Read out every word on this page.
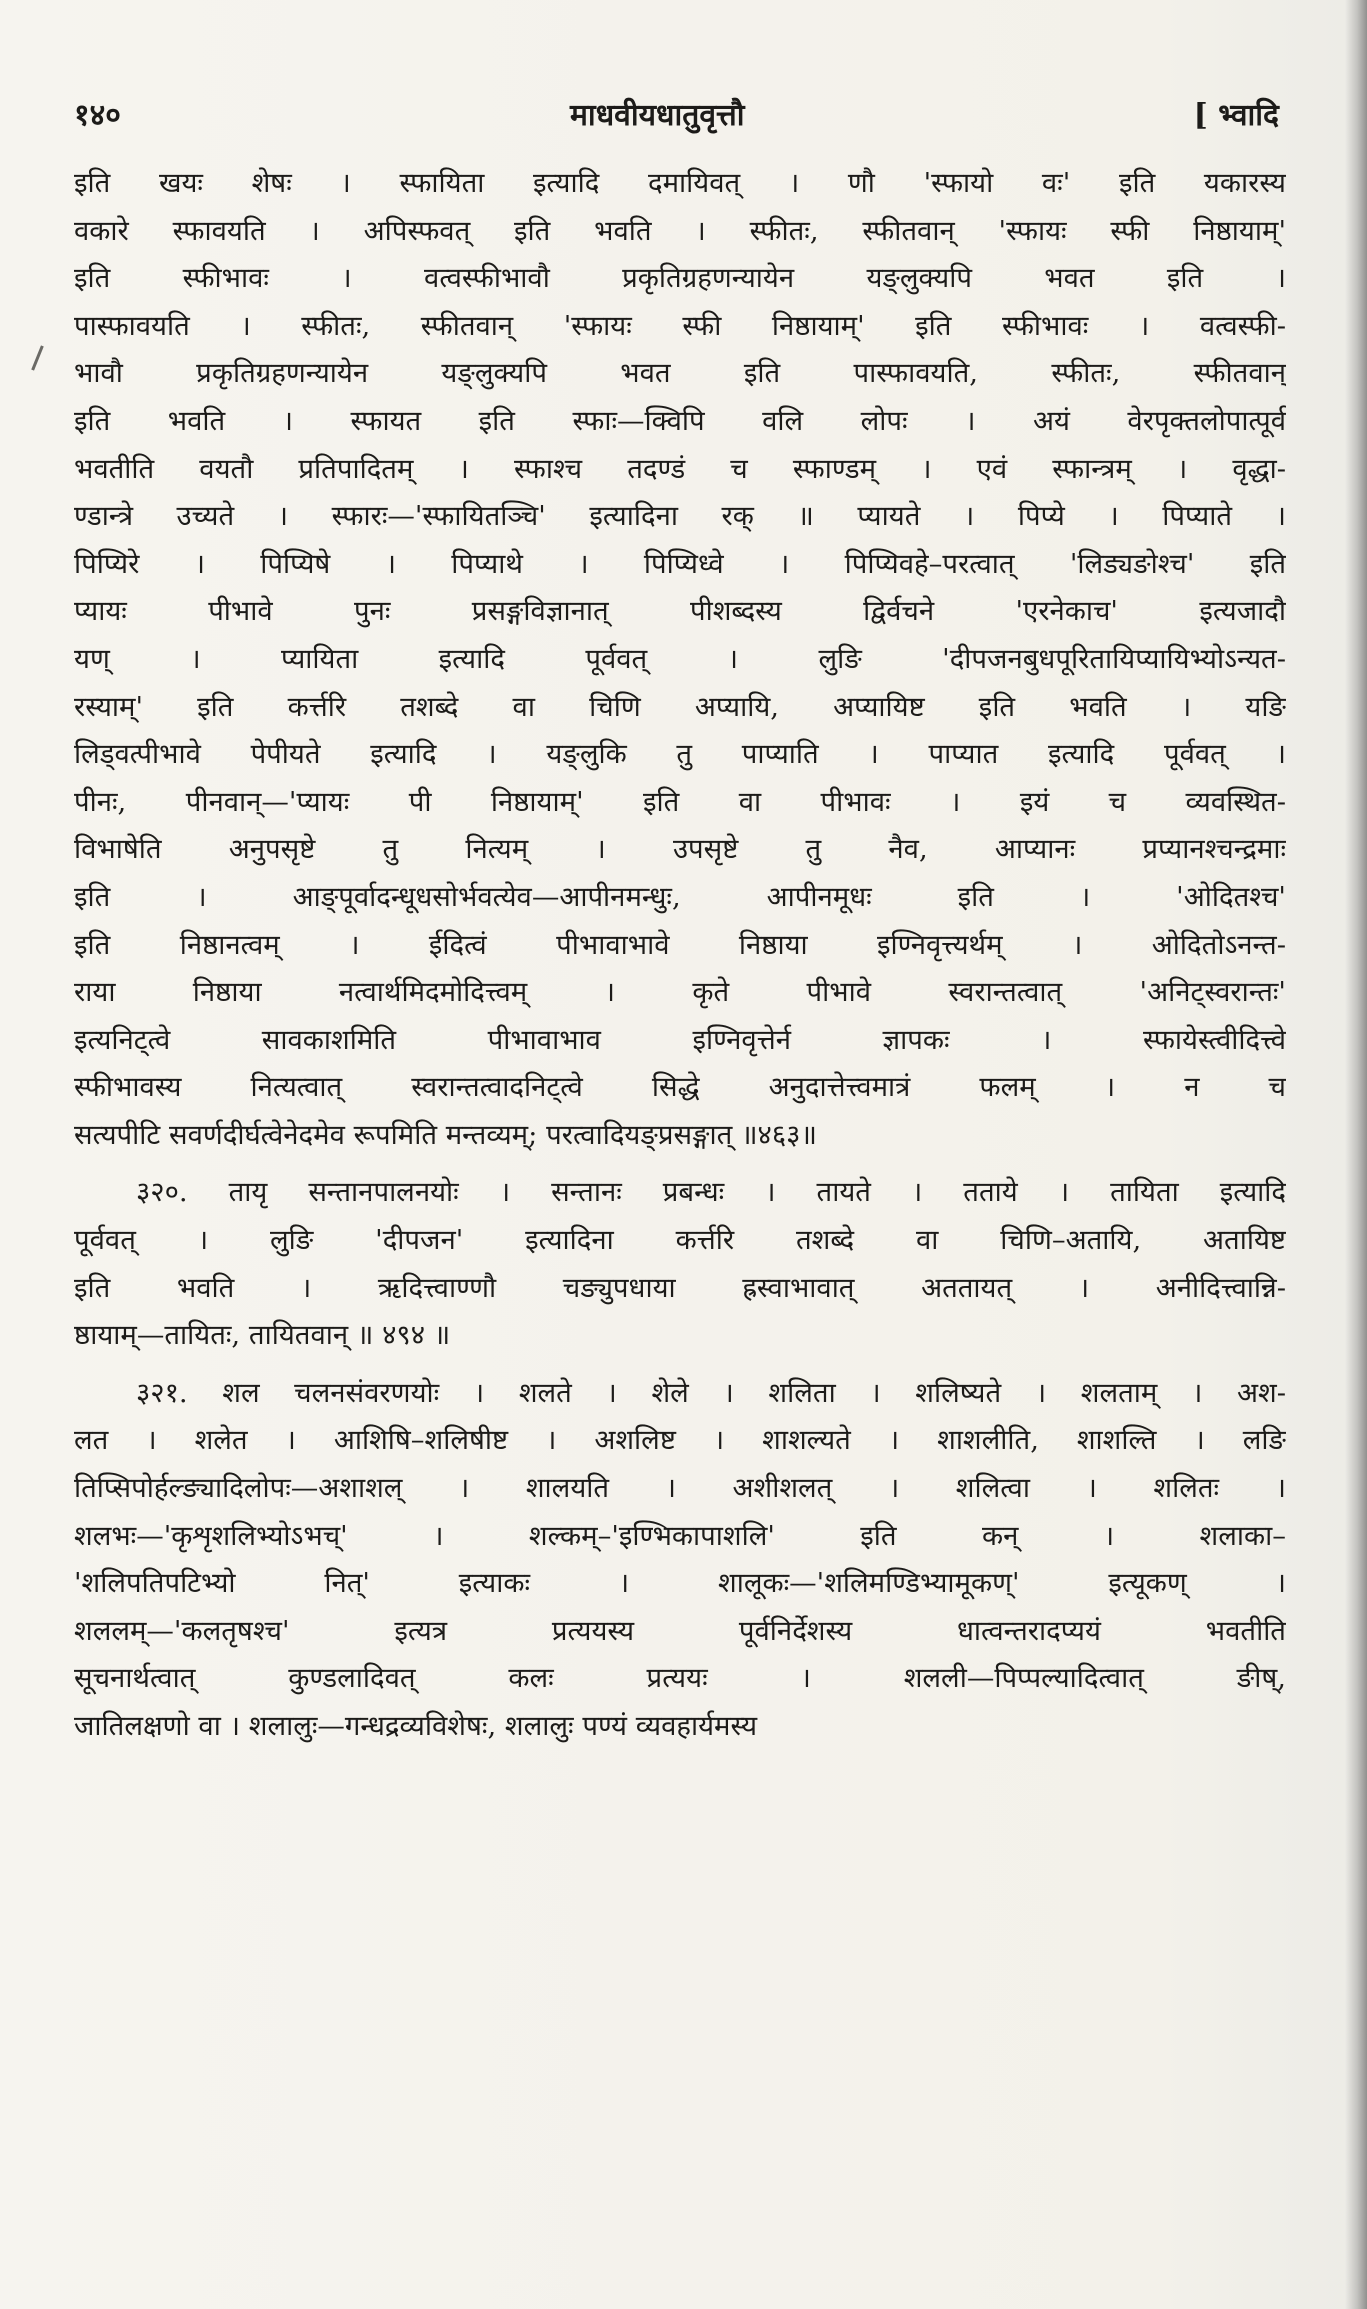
१४०	माधवीयधातुवृत्तौ	[ भ्वादि
इति खयः शेषः । स्फायिता इत्यादि दमायिवत् । णौ 'स्फायो वः' इति यकारस्य
वकारे स्फावयति । अपिस्फवत् इति भवति । स्फीतः, स्फीतवान् 'स्फायः स्फी निष्ठायाम्'
इति स्फीभावः । वत्वस्फीभावौ प्रकृतिग्रहणन्यायेन यङ्लुक्यपि भवत इति ।
पास्फावयति । स्फीतः, स्फीतवान् 'स्फायः स्फी निष्ठायाम्' इति स्फीभावः । वत्वस्फी-
भावौ प्रकृतिग्रहणन्यायेन यङ्लुक्यपि भवत इति पास्फावयति, स्फीतः, स्फीतवान्
इति भवति । स्फायत इति स्फाः—क्विपि वलि लोपः । अयं वेरपृक्तलोपात्पूर्व
भवतीति वयतौ प्रतिपादितम् । स्फाश्च तदण्डं च स्फाण्डम् । एवं स्फान्त्रम् । वृद्धा-
ण्डान्त्रे उच्यते । स्फारः—'स्फायितञ्चि' इत्यादिना रक् ॥ प्यायते । पिप्ये । पिप्याते ।
पिप्यिरे । पिप्यिषे । पिप्याथे । पिप्यिध्वे । पिप्यिवहे–परत्वात् 'लिड्यङोश्च' इति
प्यायः पीभावे पुनः प्रसङ्गविज्ञानात् पीशब्दस्य द्विर्वचने 'एरनेकाच' इत्यजादौ
यण् । प्यायिता इत्यादि पूर्ववत् । लुङि 'दीपजनबुधपूरितायिप्यायिभ्योऽन्यत-
रस्याम्' इति कर्त्तरि तशब्दे वा चिणि अप्यायि, अप्यायिष्ट इति भवति । यङि
लिड्वत्पीभावे पेपीयते इत्यादि । यङ्लुकि तु पाप्याति । पाप्यात इत्यादि पूर्ववत् ।
पीनः, पीनवान्—'प्यायः पी निष्ठायाम्' इति वा पीभावः । इयं च व्यवस्थित-
विभाषेति अनुपसृष्टे तु नित्यम् । उपसृष्टे तु नैव, आप्यानः प्रप्यानश्चन्द्रमाः
इति । आङ्पूर्वादन्धूधसोर्भवत्येव—आपीनमन्धुः, आपीनमूधः इति । 'ओदितश्च'
इति निष्ठानत्वम् । ईदित्वं पीभावाभावे निष्ठाया इण्निवृत्त्यर्थम् । ओदितोऽनन्त-
राया निष्ठाया नत्वार्थमिदमोदित्त्वम् । कृते पीभावे स्वरान्तत्वात् 'अनिट्स्वरान्तः'
इत्यनिट्त्वे सावकाशमिति पीभावाभाव इण्निवृत्तेर्न ज्ञापकः । स्फायेस्त्वीदित्त्वे
स्फीभावस्य नित्यत्वात् स्वरान्तत्वादनिट्त्वे सिद्धे अनुदात्तेत्त्वमात्रं फलम् । न च
सत्यपीटि सवर्णदीर्घत्वेनेदमेव रूपमिति मन्तव्यम्; परत्वादियङ्प्रसङ्गात् ॥४६३॥
३२०. तायृ सन्तानपालनयोः । सन्तानः प्रबन्धः । तायते । तताये । तायिता इत्यादि
पूर्ववत् । लुङि 'दीपजन' इत्यादिना कर्त्तरि तशब्दे वा चिणि–अतायि, अतायिष्ट
इति भवति । ऋदित्त्वाण्णौ चङ्युपधाया ह्रस्वाभावात् अततायत् । अनीदित्त्वान्नि-
ष्ठायाम्—तायितः, तायितवान् ॥ ४९४ ॥
३२१. शल चलनसंवरणयोः । शलते । शेले । शलिता । शलिष्यते । शलताम् । अश-
लत । शलेत । आशिषि–शलिषीष्ट । अशलिष्ट । शाशल्यते । शाशलीति, शाशल्ति । लङि
तिप्सिपोर्हल्ङ्यादिलोपः—अशाशल् । शालयति । अशीशलत् । शलित्वा । शलितः ।
शलभः—'कृशृशलिभ्योऽभच्' । शल्कम्–'इण्भिकापाशलि' इति कन् । शलाका–
'शलिपतिपटिभ्यो नित्' इत्याकः । शालूकः—'शलिमण्डिभ्यामूकण्' इत्यूकण् ।
शललम्—'कलतृषश्च' इत्यत्र प्रत्ययस्य पूर्वनिर्देशस्य धात्वन्तरादप्ययं भवतीति
सूचनार्थत्वात् कुण्डलादिवत् कलः प्रत्ययः । शलली—पिप्पल्यादित्वात् ङीष्,
जातिलक्षणो वा । शलालुः—गन्धद्रव्यविशेषः, शलालुः पण्यं व्यवहार्यमस्य
